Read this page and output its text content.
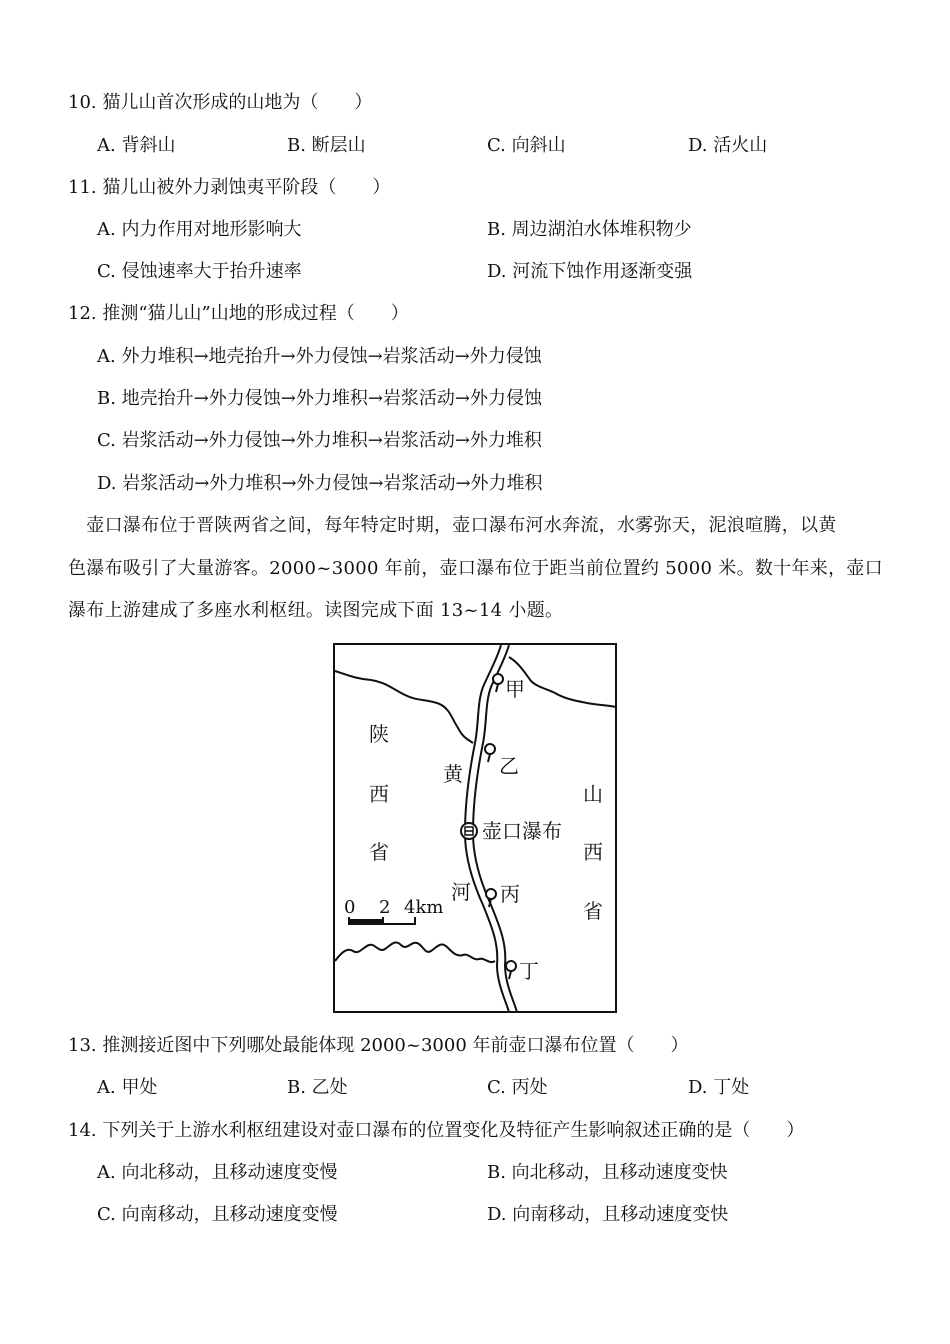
10. 猫儿山首次形成的山地为（　　）
A. 背斜山	B. 断层山	C. 向斜山	D. 活火山
11. 猫儿山被外力剥蚀夷平阶段（　　）
A. 内力作用对地形影响大	B. 周边湖泊水体堆积物少
C. 侵蚀速率大于抬升速率	D. 河流下蚀作用逐渐变强
12. 推测“猫儿山”山地的形成过程（　　）
A. 外力堆积→地壳抬升→外力侵蚀→岩浆活动→外力侵蚀
B. 地壳抬升→外力侵蚀→外力堆积→岩浆活动→外力侵蚀
C. 岩浆活动→外力侵蚀→外力堆积→岩浆活动→外力堆积
D. 岩浆活动→外力堆积→外力侵蚀→岩浆活动→外力堆积
　壶口瀑布位于晋陕两省之间，每年特定时期，壶口瀑布河水奔流，水雾弥天，泥浪喧腾，以黄
色瀑布吸引了大量游客。2000~3000 年前，壶口瀑布位于距当前位置约 5000 米。数十年来，壶口
瀑布上游建成了多座水利枢纽。读图完成下面 13~14 小题。
甲
乙
壶口瀑布
丙
丁
黄
河
陕
西
省
山
西
省
0 2 4km
13. 推测接近图中下列哪处最能体现 2000~3000 年前壶口瀑布位置（　　）
A. 甲处	B. 乙处	C. 丙处	D. 丁处
14. 下列关于上游水利枢纽建设对壶口瀑布的位置变化及特征产生影响叙述正确的是（　　）
A. 向北移动，且移动速度变慢	B. 向北移动，且移动速度变快
C. 向南移动，且移动速度变慢	D. 向南移动，且移动速度变快
